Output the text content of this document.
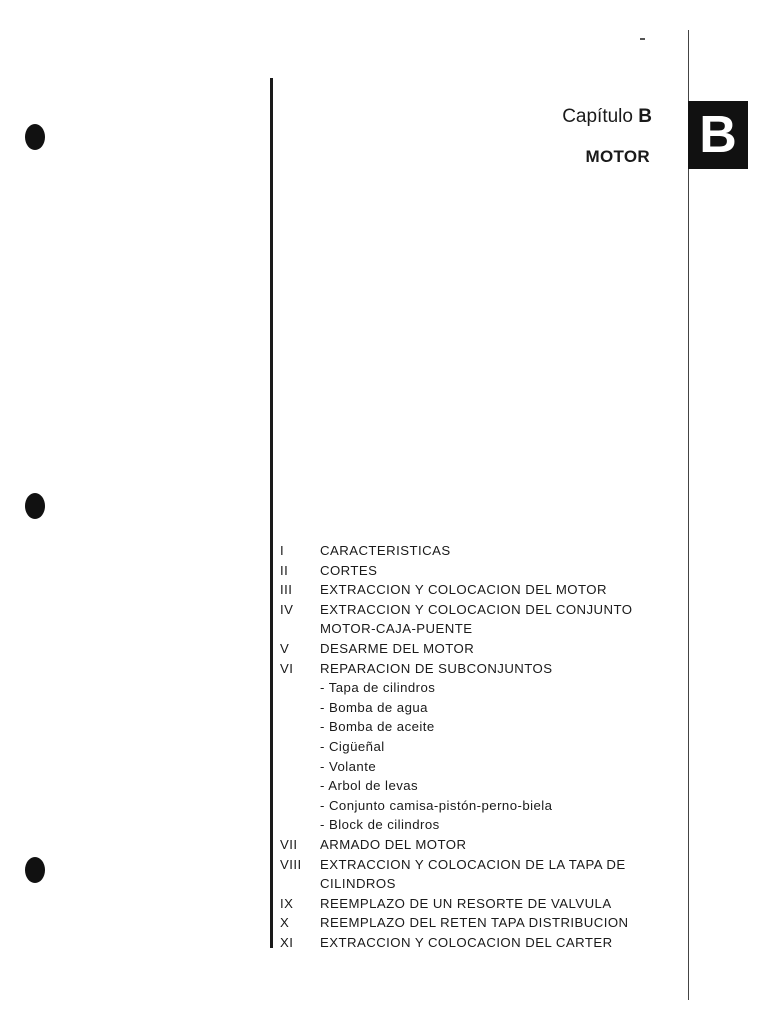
Capítulo B
MOTOR B
I	CARACTERISTICAS
II	CORTES
III	EXTRACCION Y COLOCACION DEL MOTOR
IV	EXTRACCION Y COLOCACION DEL CONJUNTO
MOTOR-CAJA-PUENTE
V	DESARME DEL MOTOR
VI	REPARACION DE SUBCONJUNTOS
- Tapa de cilindros
- Bomba de agua
- Bomba de aceite
- Cigüeñal
- Volante
- Arbol de levas
- Conjunto camisa-pistón-perno-biela
- Block de cilindros
VII	ARMADO DEL MOTOR
VIII	EXTRACCION Y COLOCACION DE LA TAPA DE
CILINDROS
IX	REEMPLAZO DE UN RESORTE DE VALVULA
X	REEMPLAZO DEL RETEN TAPA DISTRIBUCION
XI	EXTRACCION Y COLOCACION DEL CARTER
